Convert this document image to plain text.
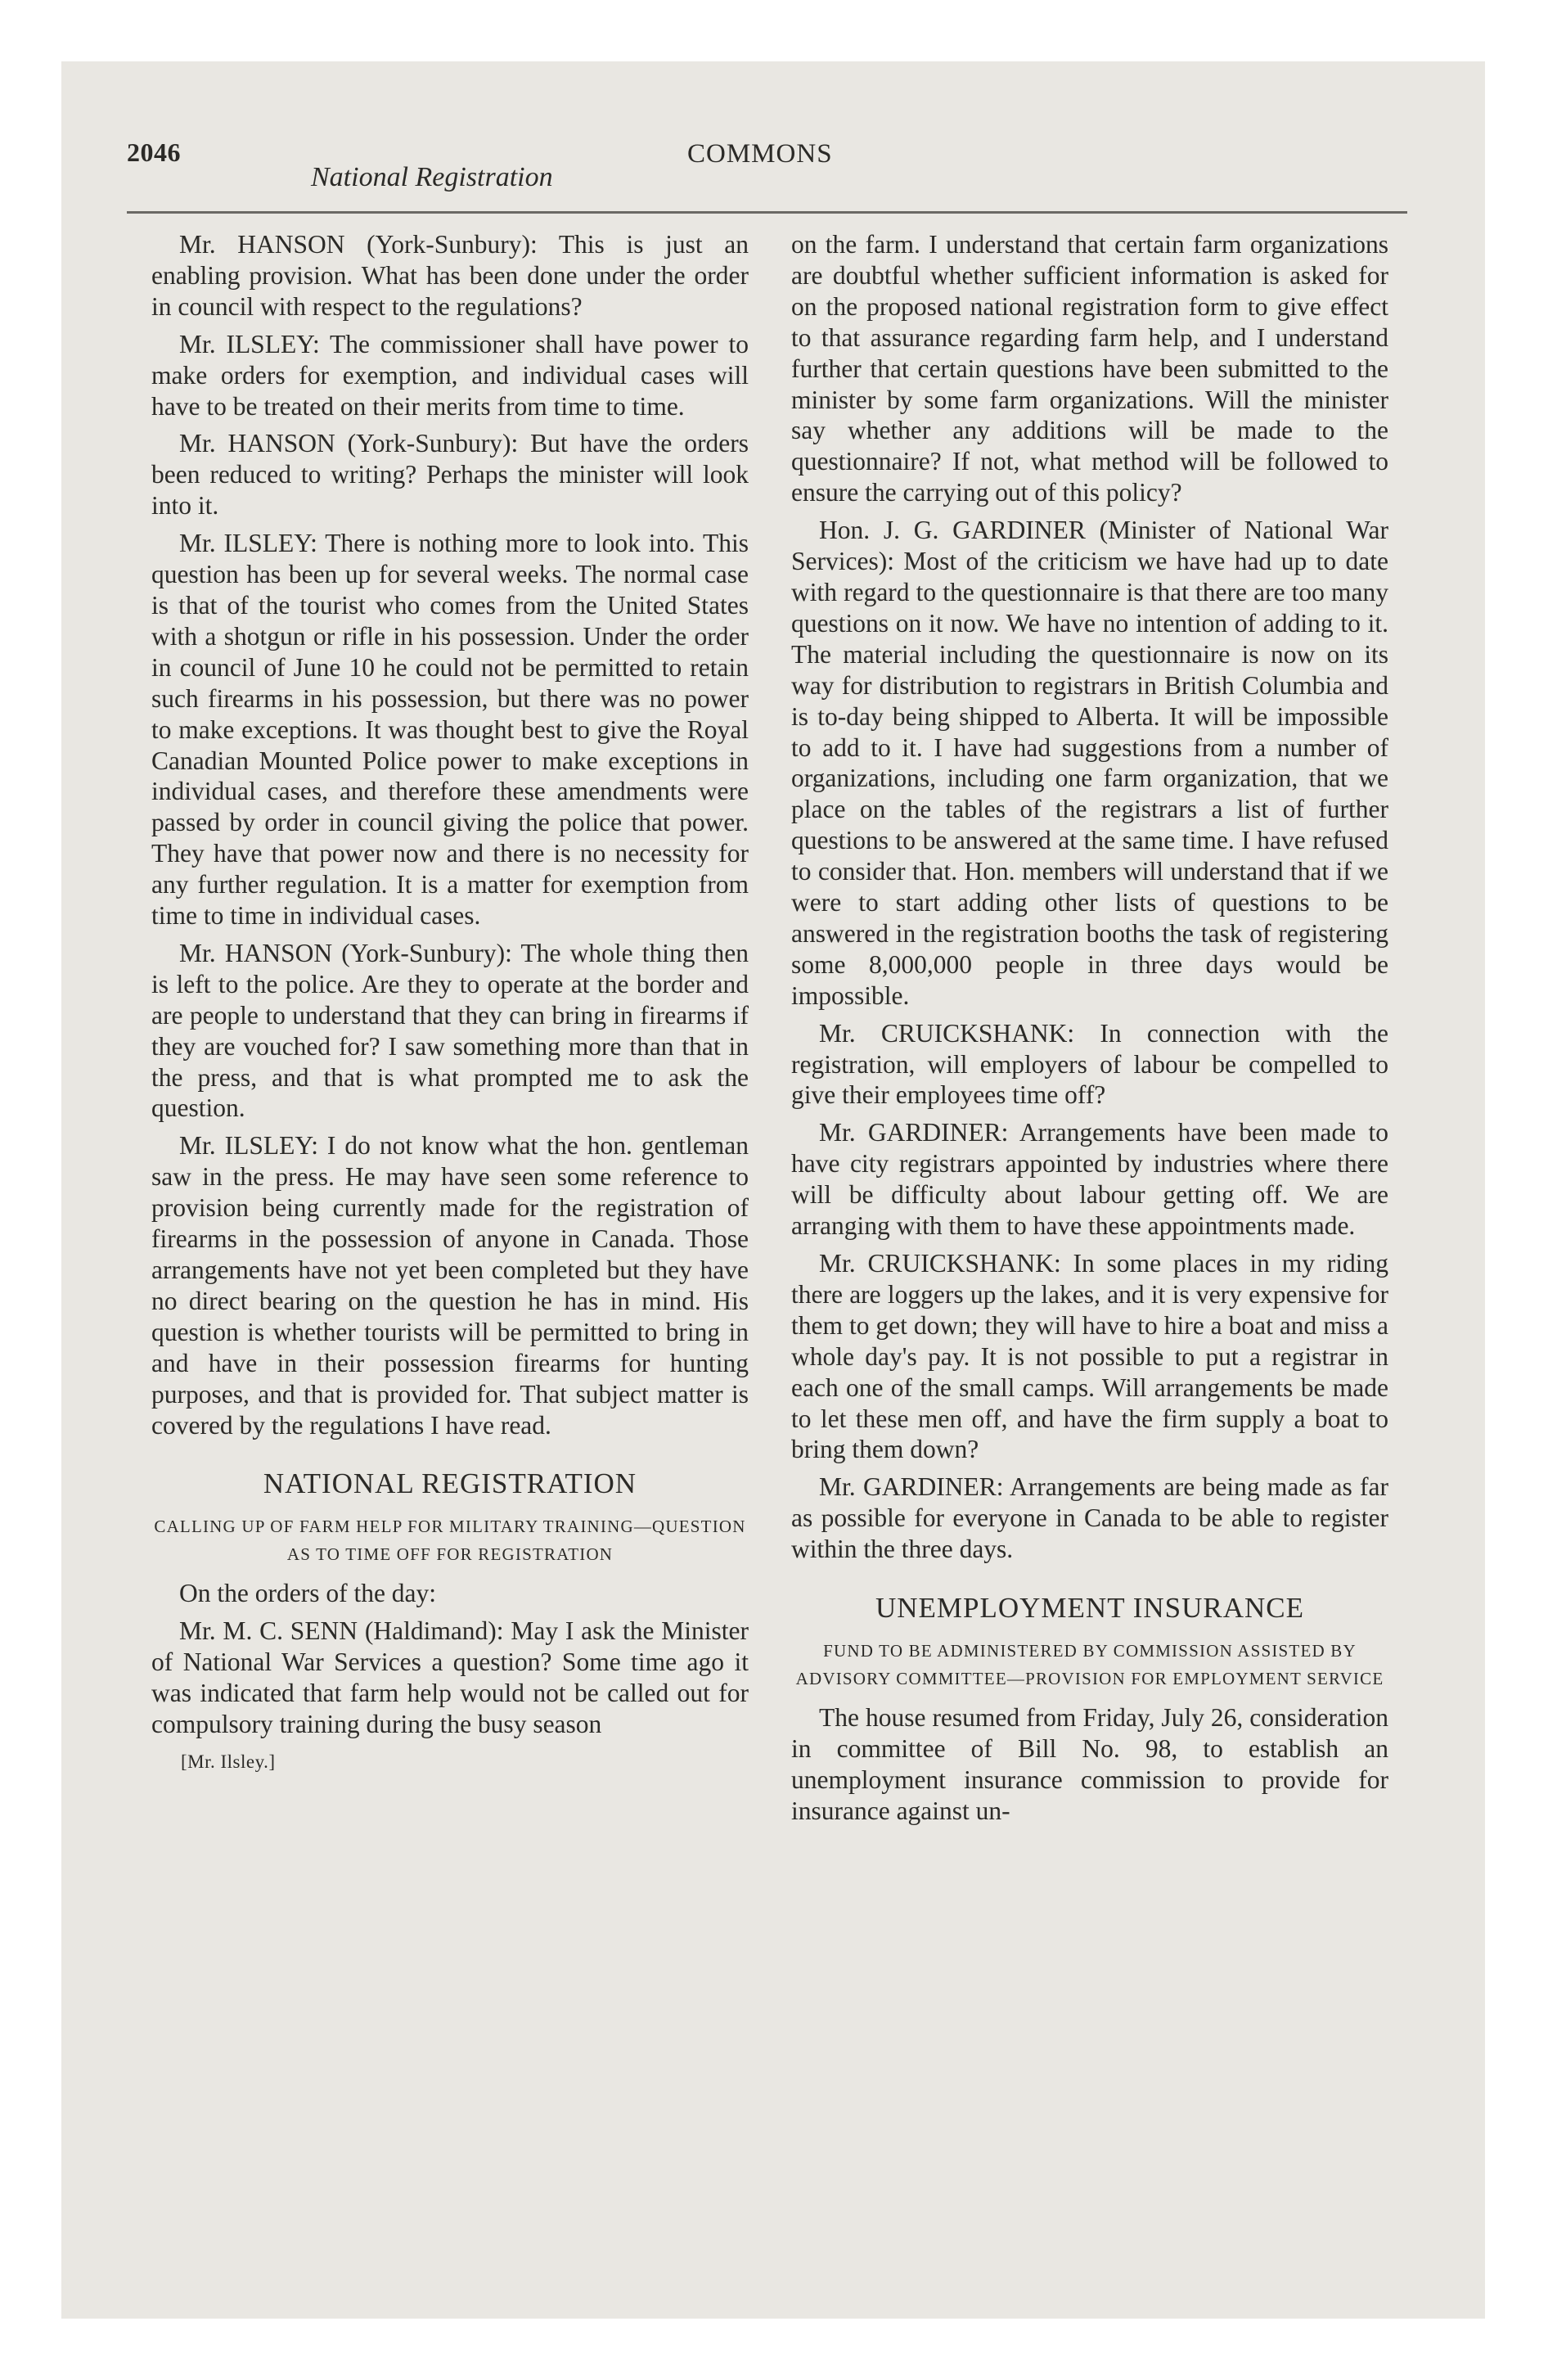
2046
National Registration
COMMONS

Mr. HANSON (York-Sunbury): This is just an enabling provision. What has been done under the order in council with respect to the regulations?

Mr. ILSLEY: The commissioner shall have power to make orders for exemption, and individual cases will have to be treated on their merits from time to time.

Mr. HANSON (York-Sunbury): But have the orders been reduced to writing? Perhaps the minister will look into it.

Mr. ILSLEY: There is nothing more to look into. This question has been up for several weeks. The normal case is that of the tourist who comes from the United States with a shotgun or rifle in his possession. Under the order in council of June 10 he could not be permitted to retain such firearms in his possession, but there was no power to make exceptions. It was thought best to give the Royal Canadian Mounted Police power to make exceptions in individual cases, and therefore these amendments were passed by order in council giving the police that power. They have that power now and there is no necessity for any further regulation. It is a matter for exemption from time to time in individual cases.

Mr. HANSON (York-Sunbury): The whole thing then is left to the police. Are they to operate at the border and are people to understand that they can bring in firearms if they are vouched for? I saw something more than that in the press, and that is what prompted me to ask the question.

Mr. ILSLEY: I do not know what the hon. gentleman saw in the press. He may have seen some reference to provision being currently made for the registration of firearms in the possession of anyone in Canada. Those arrangements have not yet been completed but they have no direct bearing on the question he has in mind. His question is whether tourists will be permitted to bring in and have in their possession firearms for hunting purposes, and that is provided for. That subject matter is covered by the regulations I have read.

NATIONAL REGISTRATION
CALLING UP OF FARM HELP FOR MILITARY TRAINING—QUESTION AS TO TIME OFF FOR REGISTRATION

On the orders of the day:

Mr. M. C. SENN (Haldimand): May I ask the Minister of National War Services a question? Some time ago it was indicated that farm help would not be called out for compulsory training during the busy season

[Mr. Ilsley.]

on the farm. I understand that certain farm organizations are doubtful whether sufficient information is asked for on the proposed national registration form to give effect to that assurance regarding farm help, and I understand further that certain questions have been submitted to the minister by some farm organizations. Will the minister say whether any additions will be made to the questionnaire? If not, what method will be followed to ensure the carrying out of this policy?

Hon. J. G. GARDINER (Minister of National War Services): Most of the criticism we have had up to date with regard to the questionnaire is that there are too many questions on it now. We have no intention of adding to it. The material including the questionnaire is now on its way for distribution to registrars in British Columbia and is to-day being shipped to Alberta. It will be impossible to add to it. I have had suggestions from a number of organizations, including one farm organization, that we place on the tables of the registrars a list of further questions to be answered at the same time. I have refused to consider that. Hon. members will understand that if we were to start adding other lists of questions to be answered in the registration booths the task of registering some 8,000,000 people in three days would be impossible.

Mr. CRUICKSHANK: In connection with the registration, will employers of labour be compelled to give their employees time off?

Mr. GARDINER: Arrangements have been made to have city registrars appointed by industries where there will be difficulty about labour getting off. We are arranging with them to have these appointments made.

Mr. CRUICKSHANK: In some places in my riding there are loggers up the lakes, and it is very expensive for them to get down; they will have to hire a boat and miss a whole day's pay. It is not possible to put a registrar in each one of the small camps. Will arrangements be made to let these men off, and have the firm supply a boat to bring them down?

Mr. GARDINER: Arrangements are being made as far as possible for everyone in Canada to be able to register within the three days.

UNEMPLOYMENT INSURANCE
FUND TO BE ADMINISTERED BY COMMISSION ASSISTED BY ADVISORY COMMITTEE—PROVISION FOR EMPLOYMENT SERVICE

The house resumed from Friday, July 26, consideration in committee of Bill No. 98, to establish an unemployment insurance commission to provide for insurance against un-
